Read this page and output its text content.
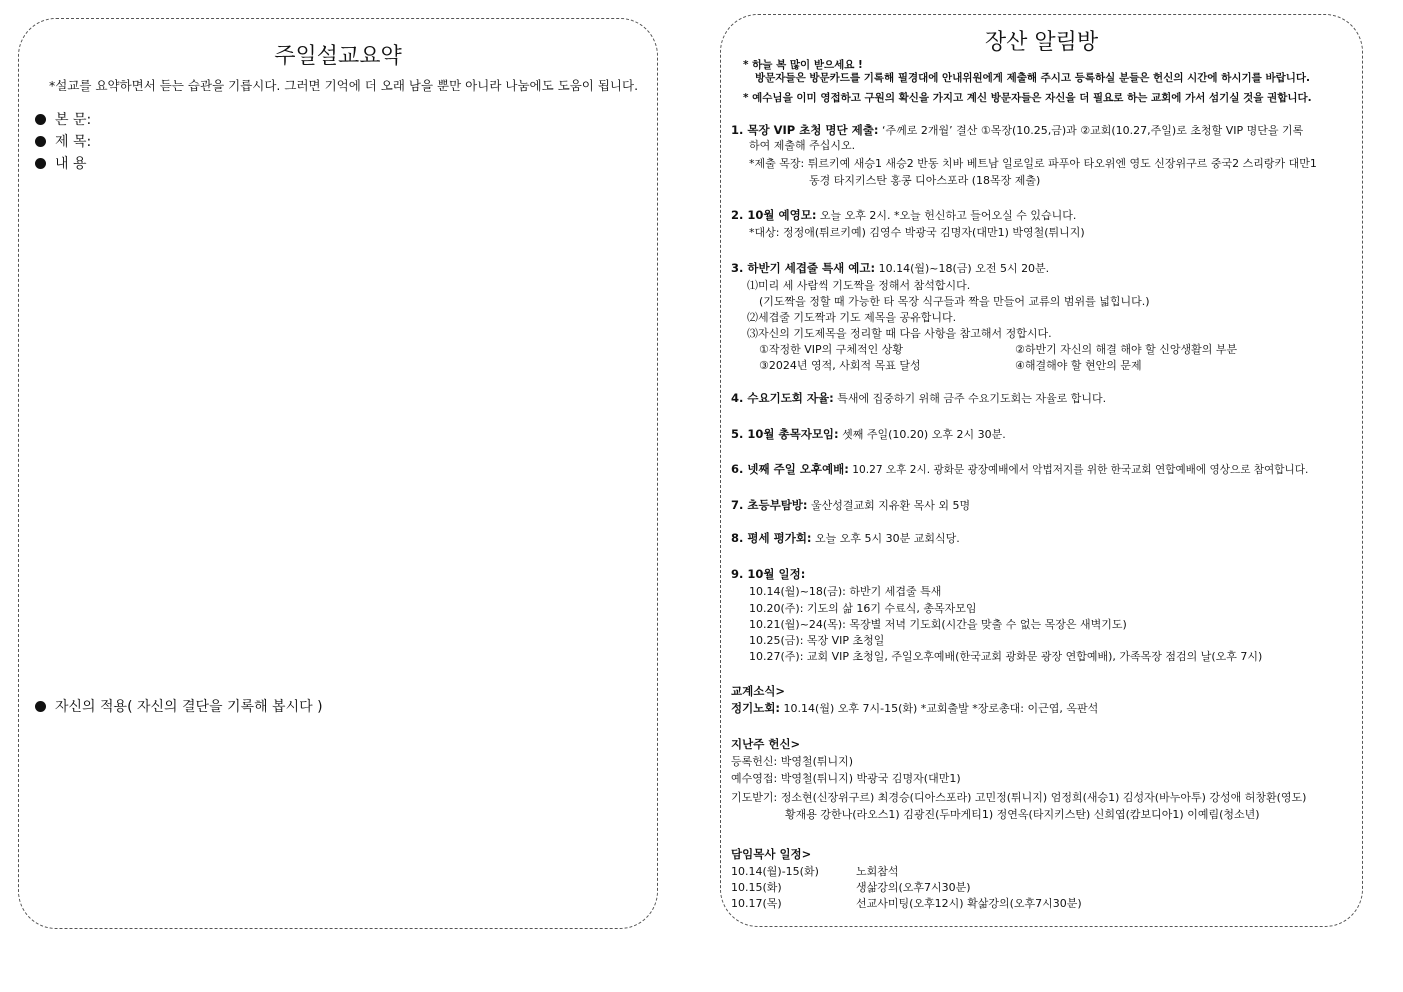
주일설교요약
*설교를 요약하면서 듣는 습관을 기릅시다. 그러면 기억에 더 오래 남을 뿐만 아니라 나눔에도 도움이 됩니다.
본 문:
제 목:
내 용
자신의 적용( 자신의 결단을 기록해 봅시다 )
장산 알림방
* 하늘 복 많이 받으세요 !
방문자들은 방문카드를 기록해 필경대에 안내위원에게 제출해 주시고 등록하실 분들은 헌신의 시간에 하시기를 바랍니다.
* 예수님을 이미 영접하고 구원의 확신을 가지고 계신 방문자들은 자신을 더 필요로 하는 교회에 가서 섬기실 것을 권합니다.
1. 목장 VIP 초청 명단 제출: ‘주께로 2개월’ 결산 ①목장(10.25,금)과 ②교회(10.27,주일)로 초청할 VIP 명단을 기록
하여 제출해 주십시오.
*제출 목장: 튀르키예 새승1 새승2 반동 치바 베트남 일로일로 파푸아 타오위엔 영도 신장위구르 중국2 스리랑카 대만1
동경 타지키스탄 홍콩 디아스포라 (18목장 제출)
2. 10월 예영모: 오늘 오후 2시. *오늘 헌신하고 들어오실 수 있습니다.
*대상: 정정애(튀르키예) 김영수 박광국 김명자(대만1) 박영철(튀니지)
3. 하반기 세겹줄 특새 예고: 10.14(월)~18(금) 오전 5시 20분.
⑴미리 세 사람씩 기도짝을 정해서 참석합시다.
(기도짝을 정할 때 가능한 타 목장 식구들과 짝을 만들어 교류의 범위를 넓힙니다.)
⑵세겹줄 기도짝과 기도 제목을 공유합니다.
⑶자신의 기도제목을 정리할 때 다음 사항을 참고해서 정합시다.
①작정한 VIP의 구체적인 상황	②하반기 자신의 해결 해야 할 신앙생활의 부분
③2024년 영적, 사회적 목표 달성	④해결해야 할 현안의 문제
4. 수요기도회 자율: 특새에 집중하기 위해 금주 수요기도회는 자율로 합니다.
5. 10월 총목자모임: 셋째 주일(10.20) 오후 2시 30분.
6. 넷째 주일 오후예배: 10.27 오후 2시. 광화문 광장예배에서 악법저지를 위한 한국교회 연합예배에 영상으로 참여합니다.
7. 초등부탐방: 울산성결교회 지유환 목사 외 5명
8. 평세 평가회: 오늘 오후 5시 30분 교회식당.
9. 10월 일정:
10.14(월)~18(금): 하반기 세겹줄 특새
10.20(주): 기도의 삶 16기 수료식, 총목자모임
10.21(월)~24(목): 목장별 저녁 기도회(시간을 맞출 수 없는 목장은 새벽기도)
10.25(금): 목장 VIP 초청일
10.27(주): 교회 VIP 초청일, 주일오후예배(한국교회 광화문 광장 연합예배), 가족목장 점검의 날(오후 7시)
교계소식>
정기노회: 10.14(월) 오후 7시-15(화) *교회출발 *장로총대: 이근엽, 옥판석
지난주 헌신>
등록헌신: 박영철(튀니지)
예수영접: 박영철(튀니지) 박광국 김명자(대만1)
기도받기: 정소현(신장위구르) 최경승(디아스포라) 고민정(튀니지) 엄정희(새승1) 김성자(바누아투) 강성애 허창환(영도)
황재용 강한나(라오스1) 김광진(두마게티1) 정연옥(타지키스탄) 신희엽(캄보디아1) 이예림(청소년)
담임목사 일정>
10.14(월)-15(화)	노회참석
10.15(화)	생삶강의(오후7시30분)
10.17(목)	선교사미팅(오후12시) 확삶강의(오후7시30분)
